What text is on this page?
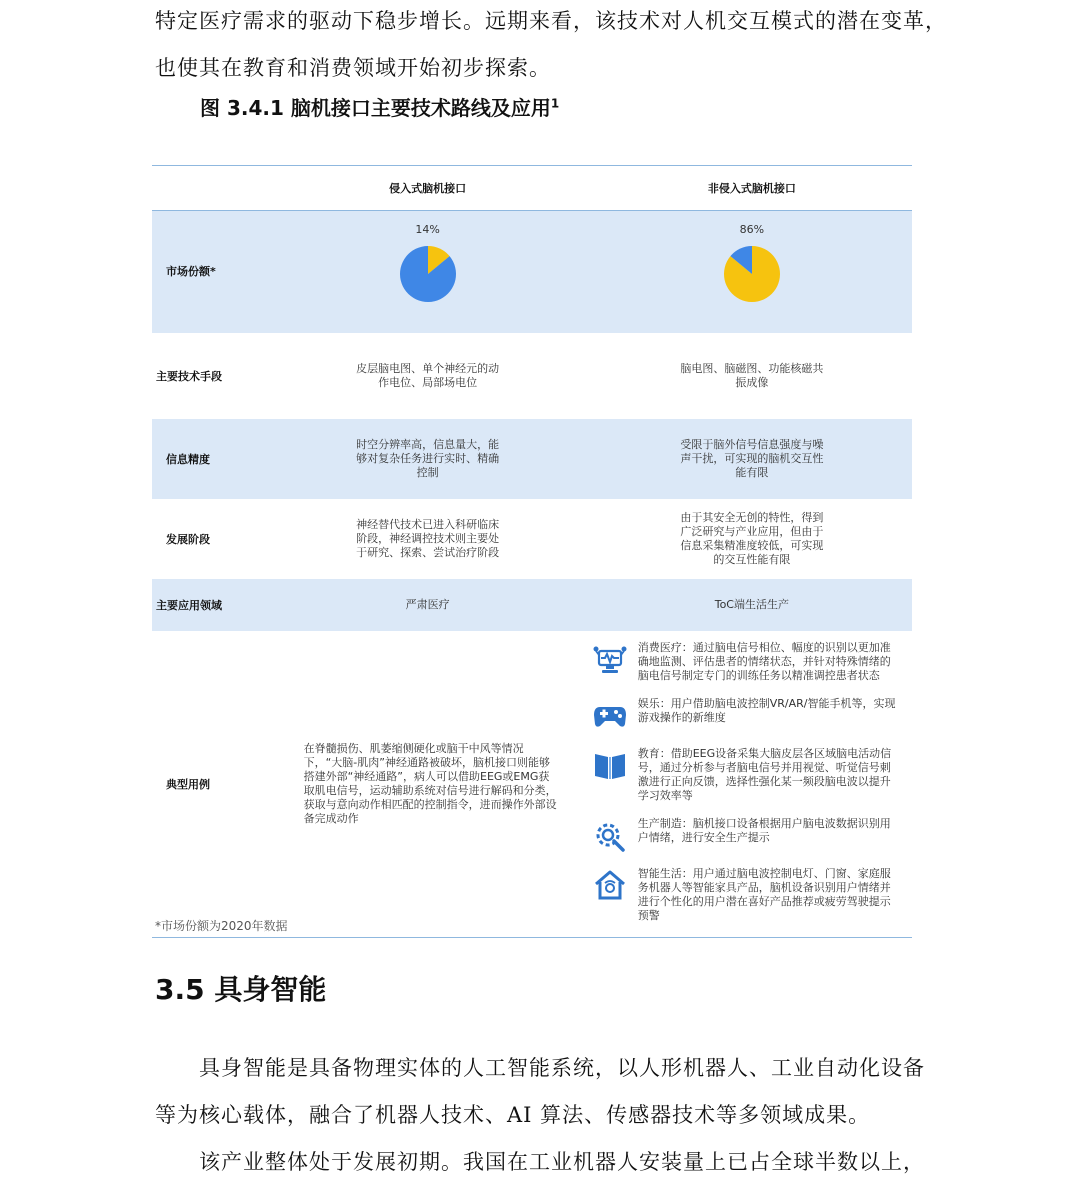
特定医疗需求的驱动下稳步增长。远期来看，该技术对人机交互模式的潜在变革，
也使其在教育和消费领域开始初步探索。

图 3.4.1 脑机接口主要技术路线及应用$^1$
	侵入式脑机接口	非侵入式脑机接口
市场份额*	14%	86%

主要技术手段	皮层脑电图、单个神经元的动作电位、局部场电位	脑电图、脑磁图、功能核磁共振成像
信息精度	时空分辨率高，信息量大，能够对复杂任务进行实时、精确控制	受限于脑外信号信息强度与噪声干扰，可实现的脑机交互性能有限
发展阶段	神经替代技术已进入科研临床阶段，神经调控技术则主要处于研究、探索、尝试治疗阶段	由于其安全无创的特性，得到广泛研究与产业应用，但由于信息采集精准度较低，可实现的交互性能有限
主要应用领域	严肃医疗	ToC端生活生产
典型用例	在脊髓损伤、肌萎缩侧硬化或脑干中风等情况下，“大脑-肌肉”神经通路被破坏，脑机接口则能够搭建外部“神经通路”，病人可以借助EEG或EMG获取肌电信号，运动辅助系统对信号进行解码和分类，获取与意向动作相匹配的控制指令，进而操作外部设备完成动作	消费医疗：通过脑电信号相位、幅度的识别以更加准确地监测、评估患者的情绪状态，并针对特殊情绪的脑电信号制定专门的训练任务以精准调控患者状态
娱乐：用户借助脑电波控制VR/AR/智能手机等，实现游戏操作的新维度
教育：借助EEG设备采集大脑皮层各区域脑电活动信号，通过分析参与者脑电信号并用视觉、听觉信号刺激进行正向反馈，选择性强化某一频段脑电波以提升学习效率等
生产制造：脑机接口设备根据用户脑电波数据识别用户情绪，进行安全生产提示
智能生活：用户通过脑电波控制电灯、门窗、家庭服务机器人等智能家具产品，脑机设备识别用户情绪并进行个性化的用户潜在喜好产品推荐或疲劳驾驶提示预警
*市场份额为2020年数据
3.5 具身智能

具身智能是具备物理实体的人工智能系统，以人形机器人、工业自动化设备
等为核心载体，融合了机器人技术、AI 算法、传感器技术等多领域成果。
该产业整体处于发展初期。我国在工业机器人安装量上已占全球半数以上，
